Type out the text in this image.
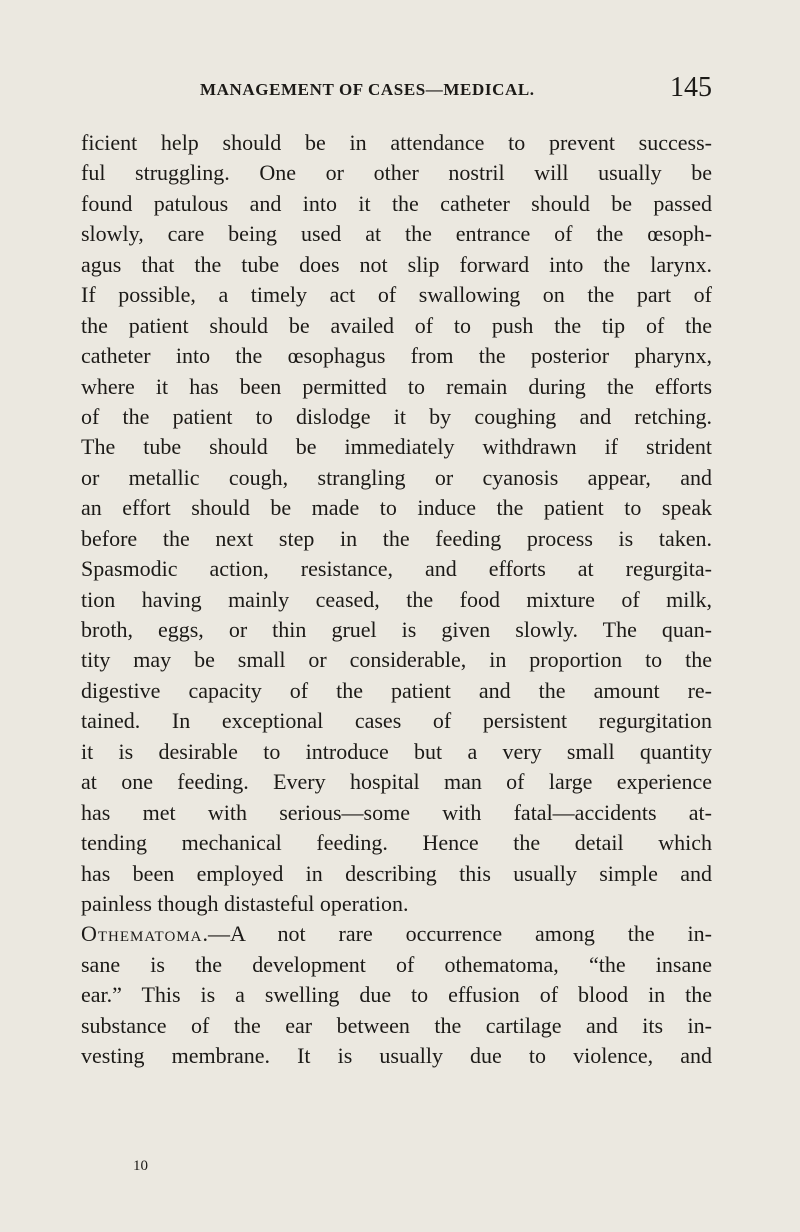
MANAGEMENT OF CASES—MEDICAL.	145
ficient help should be in attendance to prevent success-
ful struggling. One or other nostril will usually be
found patulous and into it the catheter should be passed
slowly, care being used at the entrance of the œsoph-
agus that the tube does not slip forward into the larynx.
If possible, a timely act of swallowing on the part of
the patient should be availed of to push the tip of the
catheter into the œsophagus from the posterior pharynx,
where it has been permitted to remain during the efforts
of the patient to dislodge it by coughing and retching.
The tube should be immediately withdrawn if strident
or metallic cough, strangling or cyanosis appear, and
an effort should be made to induce the patient to speak
before the next step in the feeding process is taken.
Spasmodic action, resistance, and efforts at regurgita-
tion having mainly ceased, the food mixture of milk,
broth, eggs, or thin gruel is given slowly. The quan-
tity may be small or considerable, in proportion to the
digestive capacity of the patient and the amount re-
tained. In exceptional cases of persistent regurgitation
it is desirable to introduce but a very small quantity
at one feeding. Every hospital man of large experience
has met with serious—some with fatal—accidents at-
tending mechanical feeding. Hence the detail which
has been employed in describing this usually simple and
painless though distasteful operation.
Othematoma.—A not rare occurrence among the in-
sane is the development of othematoma, “the insane
ear.” This is a swelling due to effusion of blood in the
substance of the ear between the cartilage and its in-
vesting membrane. It is usually due to violence, and
10
